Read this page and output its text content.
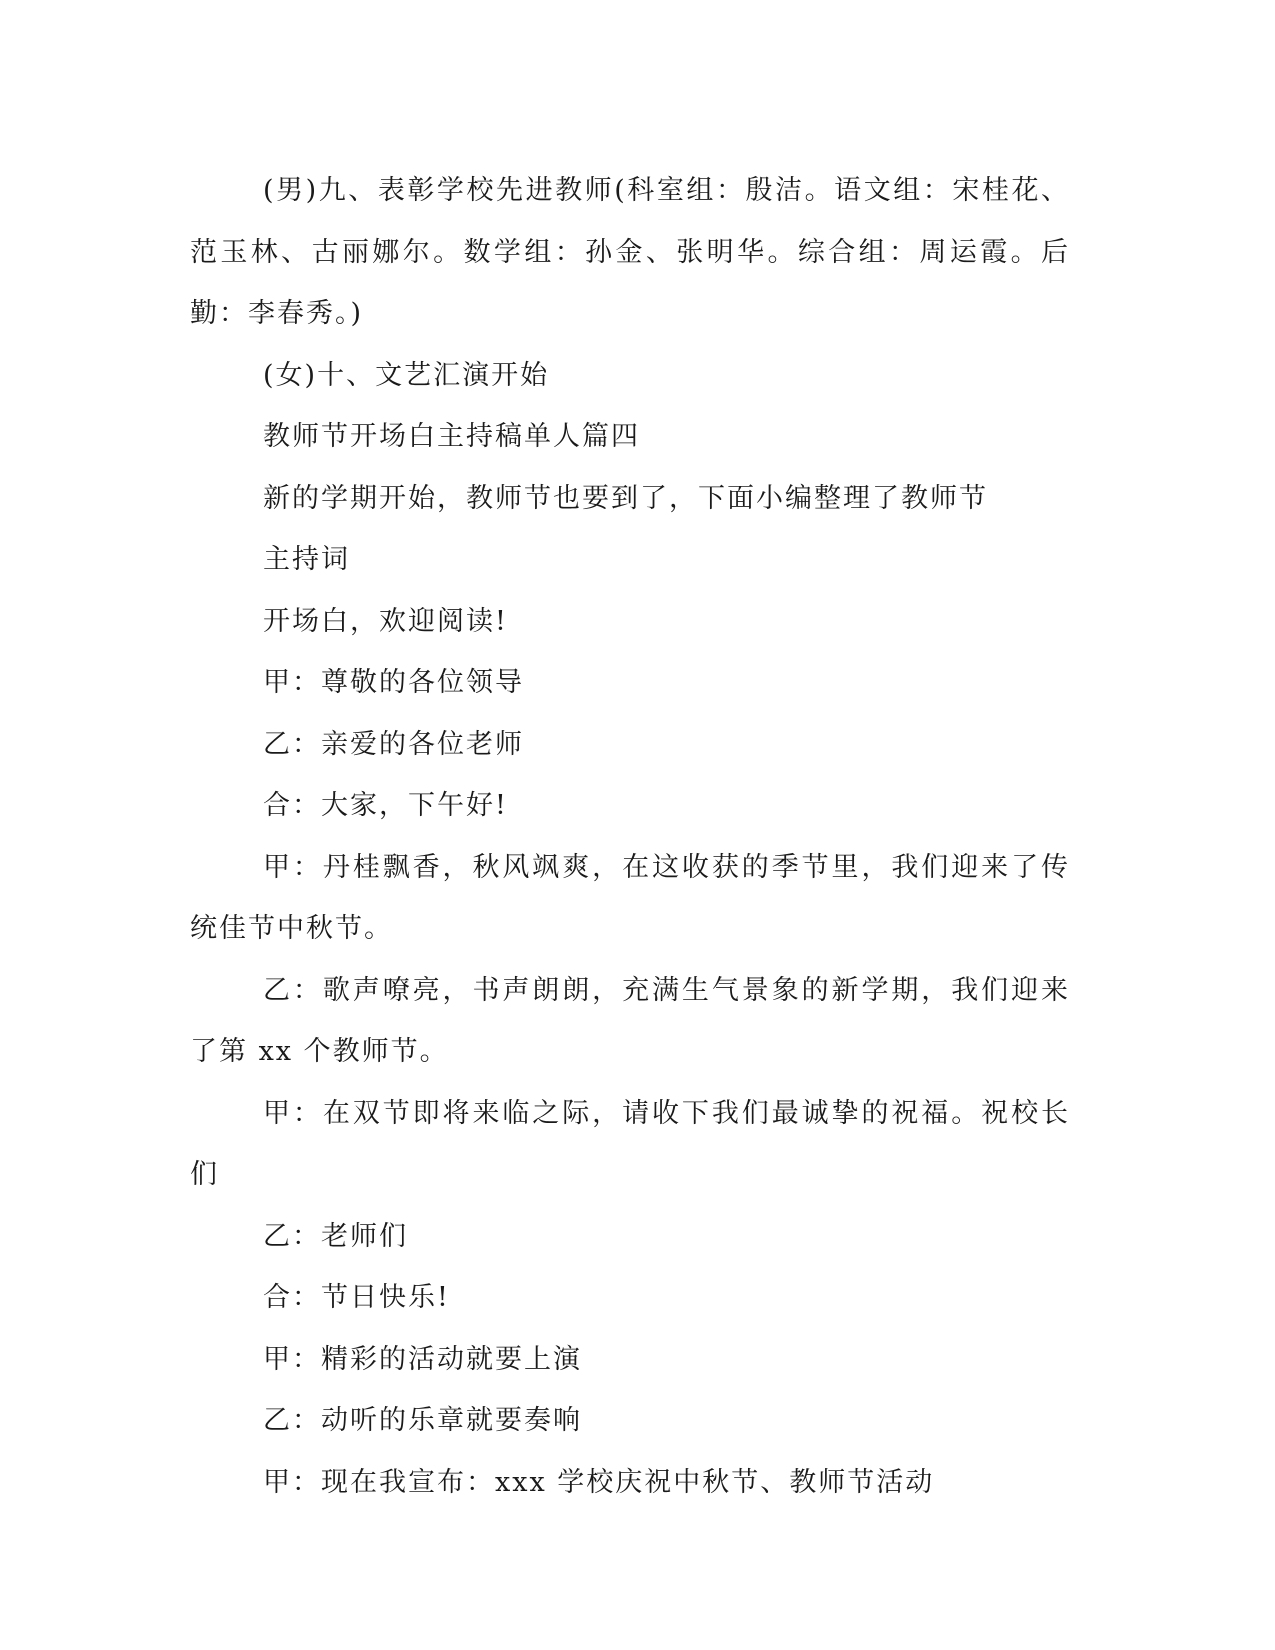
(男)九、表彰学校先进教师(科室组：殷洁。语文组：宋桂花、范玉林、古丽娜尔。数学组：孙金、张明华。综合组：周运霞。后勤：李春秀。)

(女)十、文艺汇演开始

教师节开场白主持稿单人篇四

新的学期开始，教师节也要到了，下面小编整理了教师节

主持词

开场白，欢迎阅读!

甲：尊敬的各位领导

乙：亲爱的各位老师

合：大家，下午好!

甲：丹桂飘香，秋风飒爽，在这收获的季节里，我们迎来了传统佳节中秋节。

乙：歌声嘹亮，书声朗朗，充满生气景象的新学期，我们迎来了第 xx 个教师节。

甲：在双节即将来临之际，请收下我们最诚挚的祝福。祝校长们

乙：老师们

合：节日快乐!

甲：精彩的活动就要上演

乙：动听的乐章就要奏响

甲：现在我宣布：xxx 学校庆祝中秋节、教师节活动
